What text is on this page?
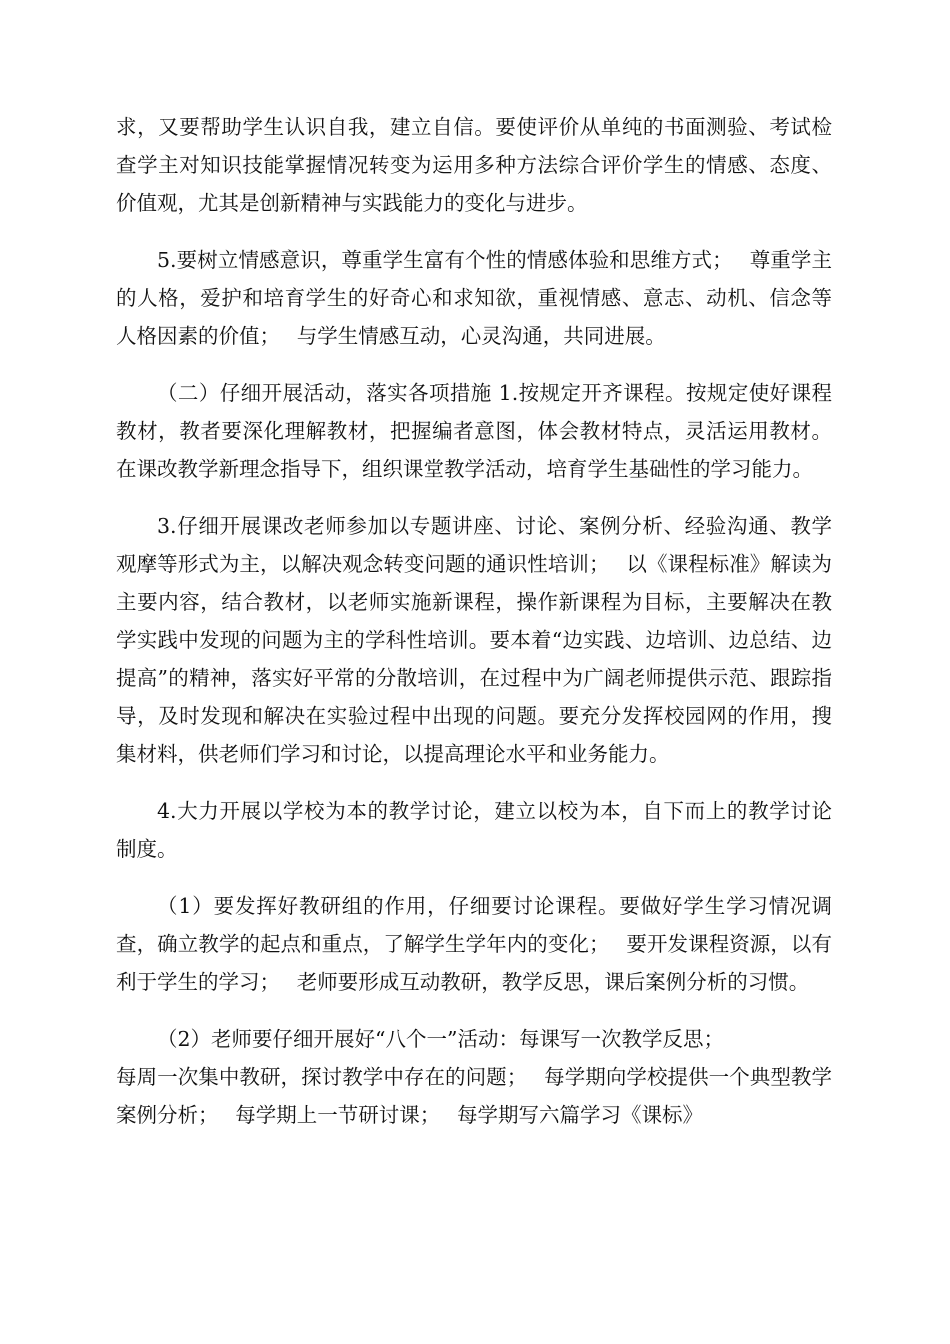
求，又要帮助学生认识自我，建立自信。要使评价从单纯的书面测验、考试检查学主对知识技能掌握情况转变为运用多种方法综合评价学生的情感、态度、价值观，尤其是创新精神与实践能力的变化与进步。

5.要树立情感意识，尊重学生富有个性的情感体验和思维方式；　 尊重学主的人格，爱护和培育学生的好奇心和求知欲，重视情感、意志、动机、信念等人格因素的价值；　 与学生情感互动，心灵沟通，共同进展。

（二）仔细开展活动，落实各项措施 1.按规定开齐课程。按规定使好课程教材，教者要深化理解教材，把握编者意图，体会教材特点，灵活运用教材。在课改教学新理念指导下，组织课堂教学活动，培育学生基础性的学习能力。

3.仔细开展课改老师参加以专题讲座、讨论、案例分析、经验沟通、教学观摩等形式为主，以解决观念转变问题的通识性培训；　 以《课程标准》解读为主要内容，结合教材，以老师实施新课程，操作新课程为目标，主要解决在教学实践中发现的问题为主的学科性培训。要本着“边实践、边培训、边总结、边提高”的精神，落实好平常的分散培训，在过程中为广阔老师提供示范、跟踪指导，及时发现和解决在实验过程中出现的问题。要充分发挥校园网的作用，搜集材料，供老师们学习和讨论，以提高理论水平和业务能力。

4.大力开展以学校为本的教学讨论，建立以校为本，自下而上的教学讨论制度。

（1）要发挥好教研组的作用，仔细要讨论课程。要做好学生学习情况调查，确立教学的起点和重点，了解学生学年内的变化；　 要开发课程资源，以有利于学生的学习；　 老师要形成互动教研，教学反思，课后案例分析的习惯。

（2）老师要仔细开展好“八个一”活动：每课写一次教学反思；
每周一次集中教研，探讨教学中存在的问题；　 每学期向学校提供一个典型教学案例分析；　 每学期上一节研讨课；　 每学期写六篇学习《课标》
